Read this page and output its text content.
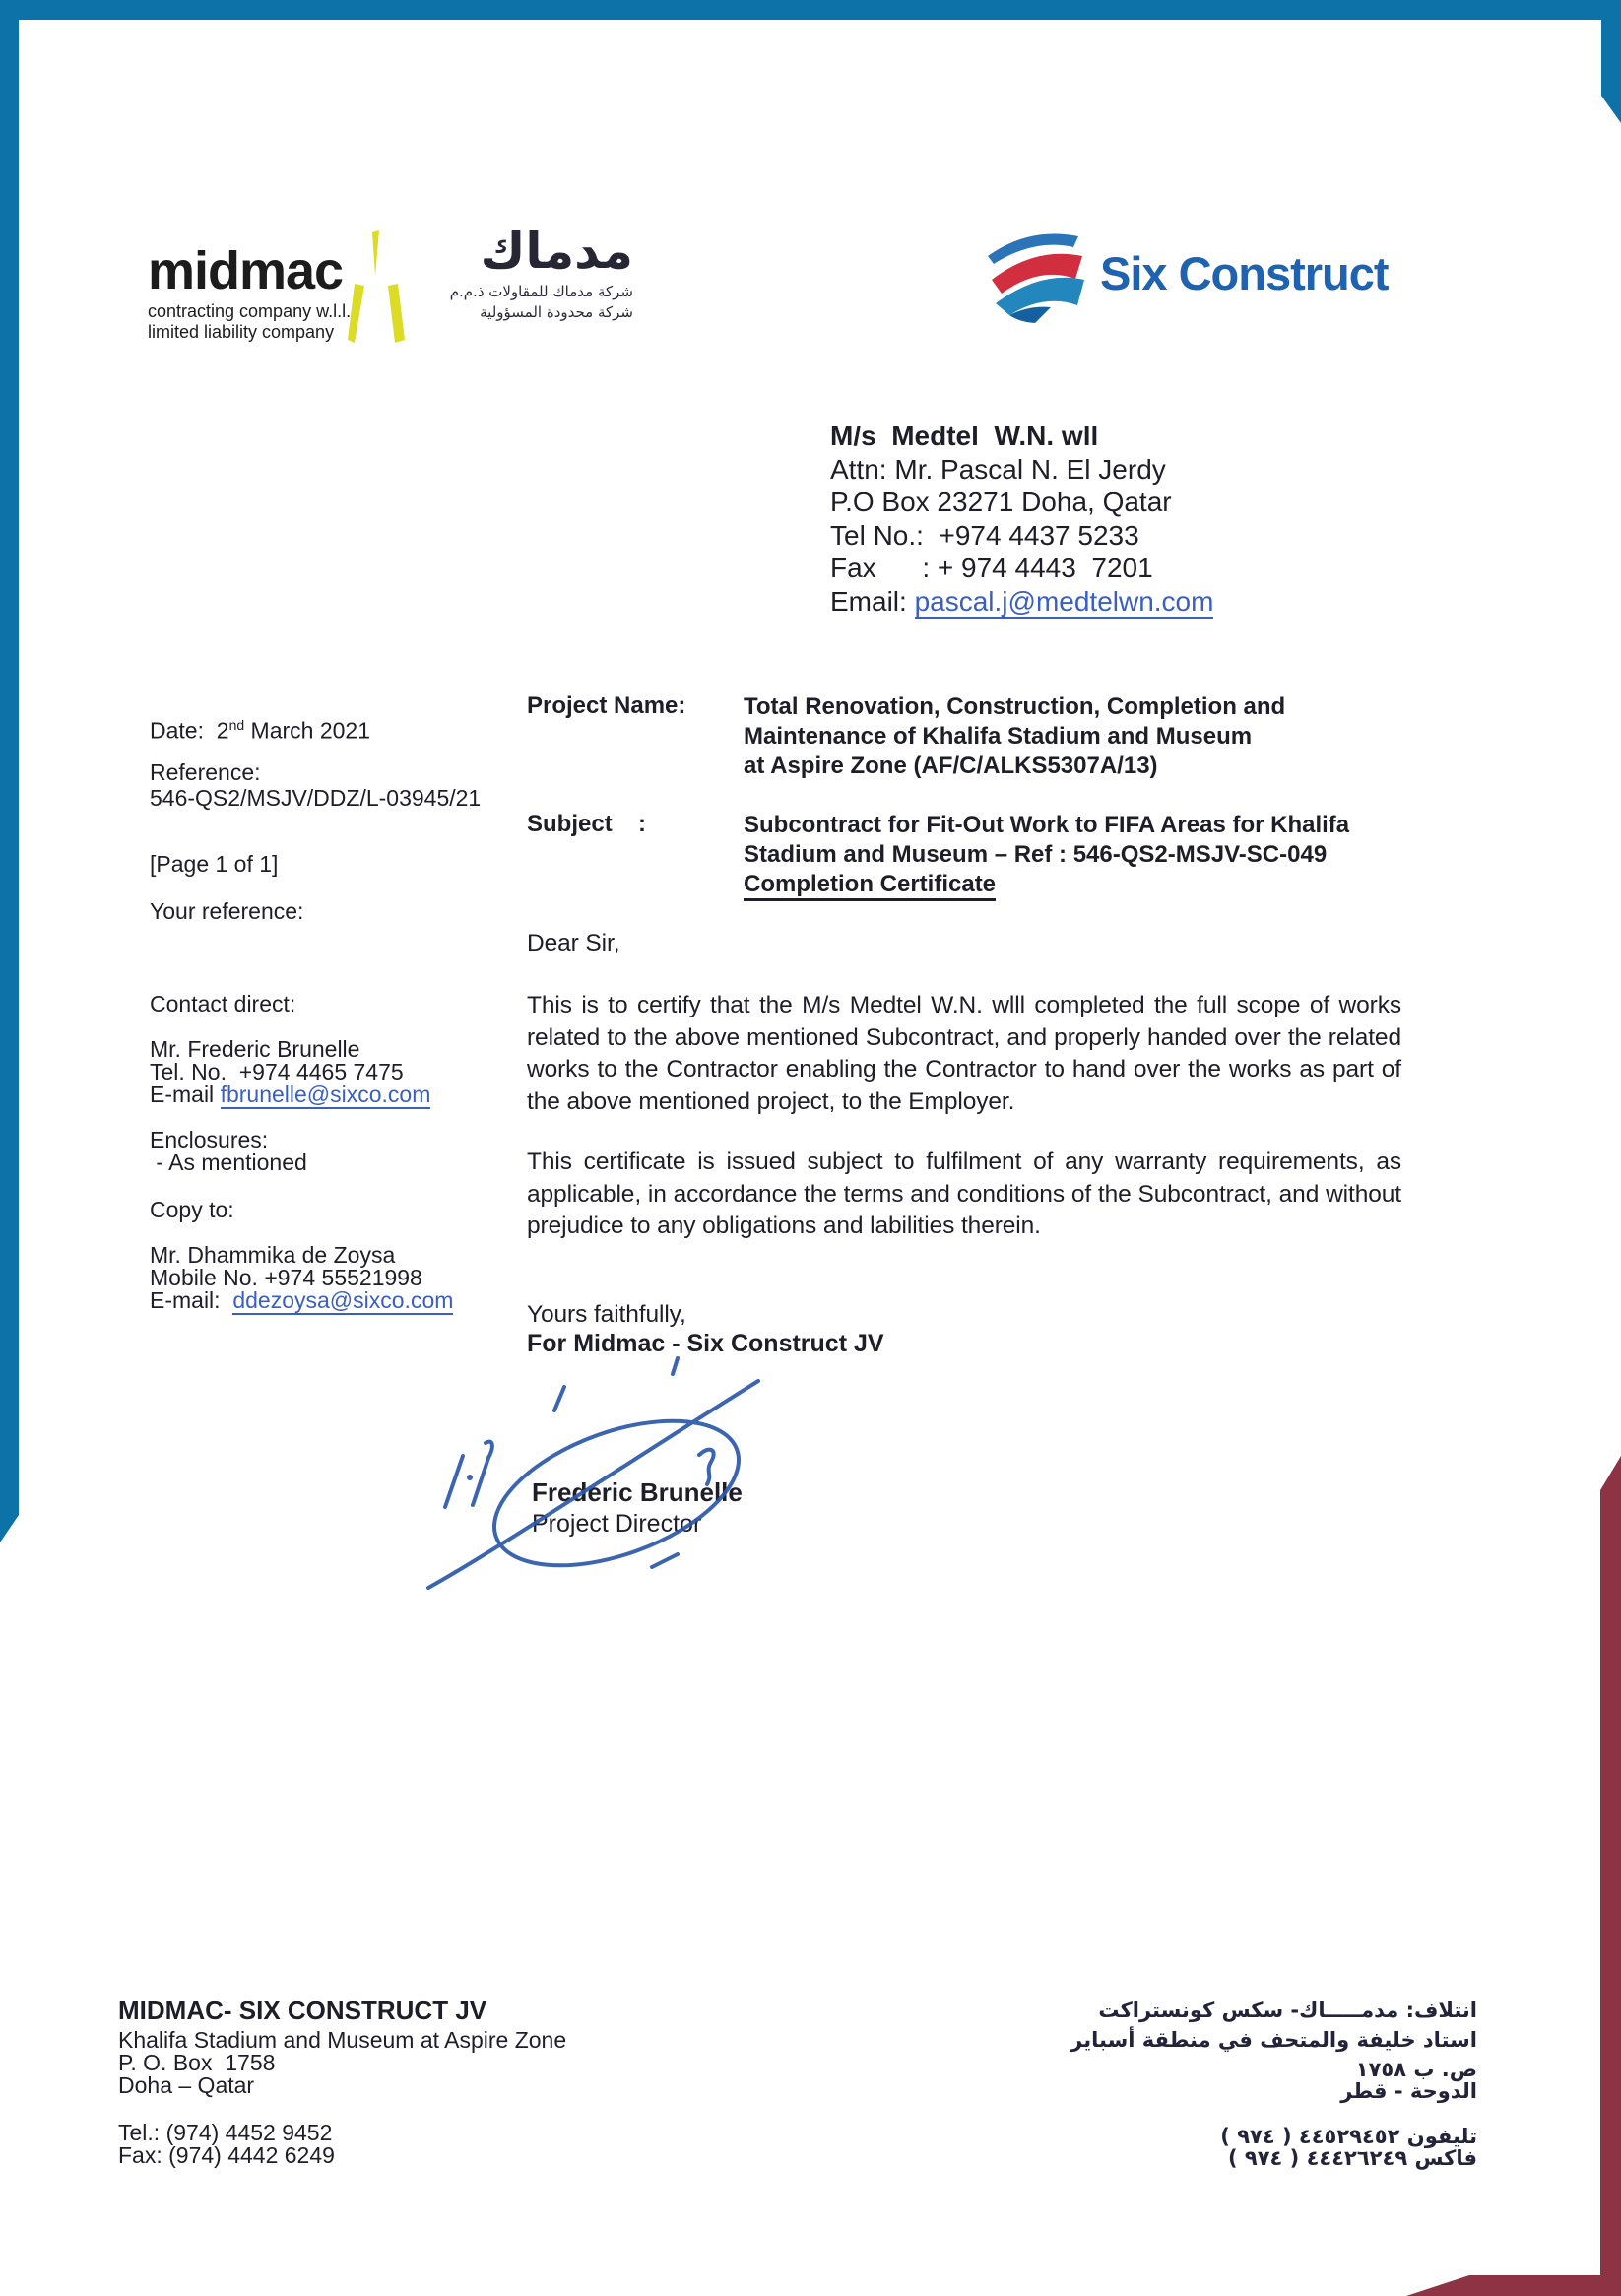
midmac
contracting company w.l.l.
limited liability company
مدماك
شركة مدماك للمقاولات ذ.م.م
شركة محدودة المسؤولية
Six Construct
M/s  Medtel  W.N. wll
Attn: Mr. Pascal N. El Jerdy
P.O Box 23271 Doha, Qatar
Tel No.:  +974 4437 5233
Fax      : + 974 4443  7201
Email: pascal.j@medtelwn.com
Date:  2nd March 2021
Reference:
546-QS2/MSJV/DDZ/L-03945/21
[Page 1 of 1]
Your reference:
Contact direct:
Mr. Frederic Brunelle
Tel. No.  +974 4465 7475
E-mail fbrunelle@sixco.com
Enclosures:
- As mentioned
Copy to:
Mr. Dhammika de Zoysa
Mobile No. +974 55521998
E-mail:  ddezoysa@sixco.com
Project Name: Total Renovation, Construction, Completion and
Maintenance of Khalifa Stadium and Museum
at Aspire Zone (AF/C/ALKS5307A/13)
Subject :	Subcontract for Fit-Out Work to FIFA Areas for Khalifa
Stadium and Museum – Ref : 546-QS2-MSJV-SC-049
Completion Certificate
Dear Sir,
This is to certify that the M/s Medtel W.N. wlll completed the full scope of works related to the above mentioned Subcontract, and properly handed over the related works to the Contractor enabling the Contractor to hand over the works as part of the above mentioned project, to the Employer.
This certificate is issued subject to fulfilment of any warranty requirements, as applicable, in accordance the terms and conditions of the Subcontract, and without prejudice to any obligations and labilities therein.
Yours faithfully,
For Midmac - Six Construct JV
Frederic Brunelle
Project Director
MIDMAC- SIX CONSTRUCT JV
Khalifa Stadium and Museum at Aspire Zone
P. O. Box  1758
Doha – Qatar
Tel.: (974) 4452 9452
Fax: (974) 4442 6249
انتلاف: مدمـــــاك- سكس كونستراكت
استاد خليفة والمتحف في منطقة أسباير
ص. ب ١٧٥٨
الدوحة - قطر
تليفون ٤٤٥٢٩٤٥٢ ( ٩٧٤ )
فاكس ٤٤٤٢٦٢٤٩ ( ٩٧٤ )
